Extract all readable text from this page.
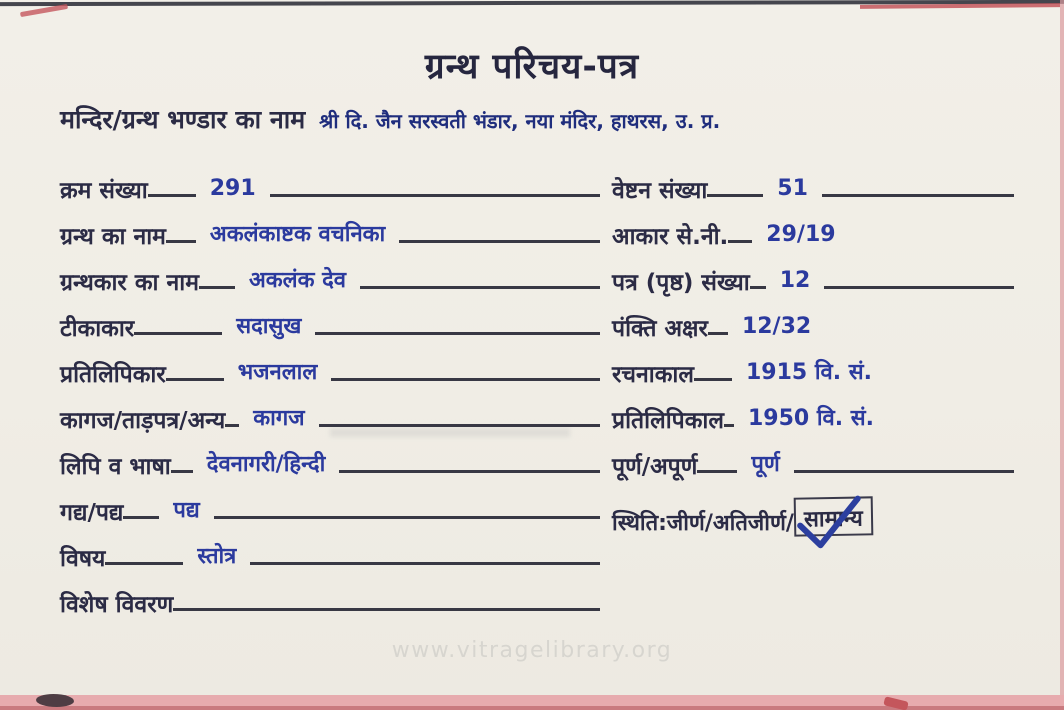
ग्रन्थ परिचय-पत्र
मन्दिर/ग्रन्थ भण्डार का नाम श्री दि. जैन सरस्वती भंडार, नया मंदिर, हाथरस, उ. प्र.
क्रम संख्या	291
ग्रन्थ का नाम	अकलंकाष्टक वचनिका
ग्रन्थकार का नाम	अकलंक देव
टीकाकार	सदासुख
प्रतिलिपिकार	भजनलाल
कागज/ताड़पत्र/अन्य	कागज
लिपि व भाषा	देवनागरी/हिन्दी
गद्य/पद्य	पद्य
विषय	स्तोत्र
विशेष विवरण
वेष्टन संख्या	51
आकार से.नी.	29/19
पत्र (पृष्ठ) संख्या	12
पंक्ति अक्षर	12/32
रचनाकाल	1915 वि. सं.
प्रतिलिपिकाल	1950 वि. सं.
पूर्ण/अपूर्ण	पूर्ण
स्थिति:जीर्ण/अतिजीर्ण/ सामान्य
www.vitragelibrary.org
